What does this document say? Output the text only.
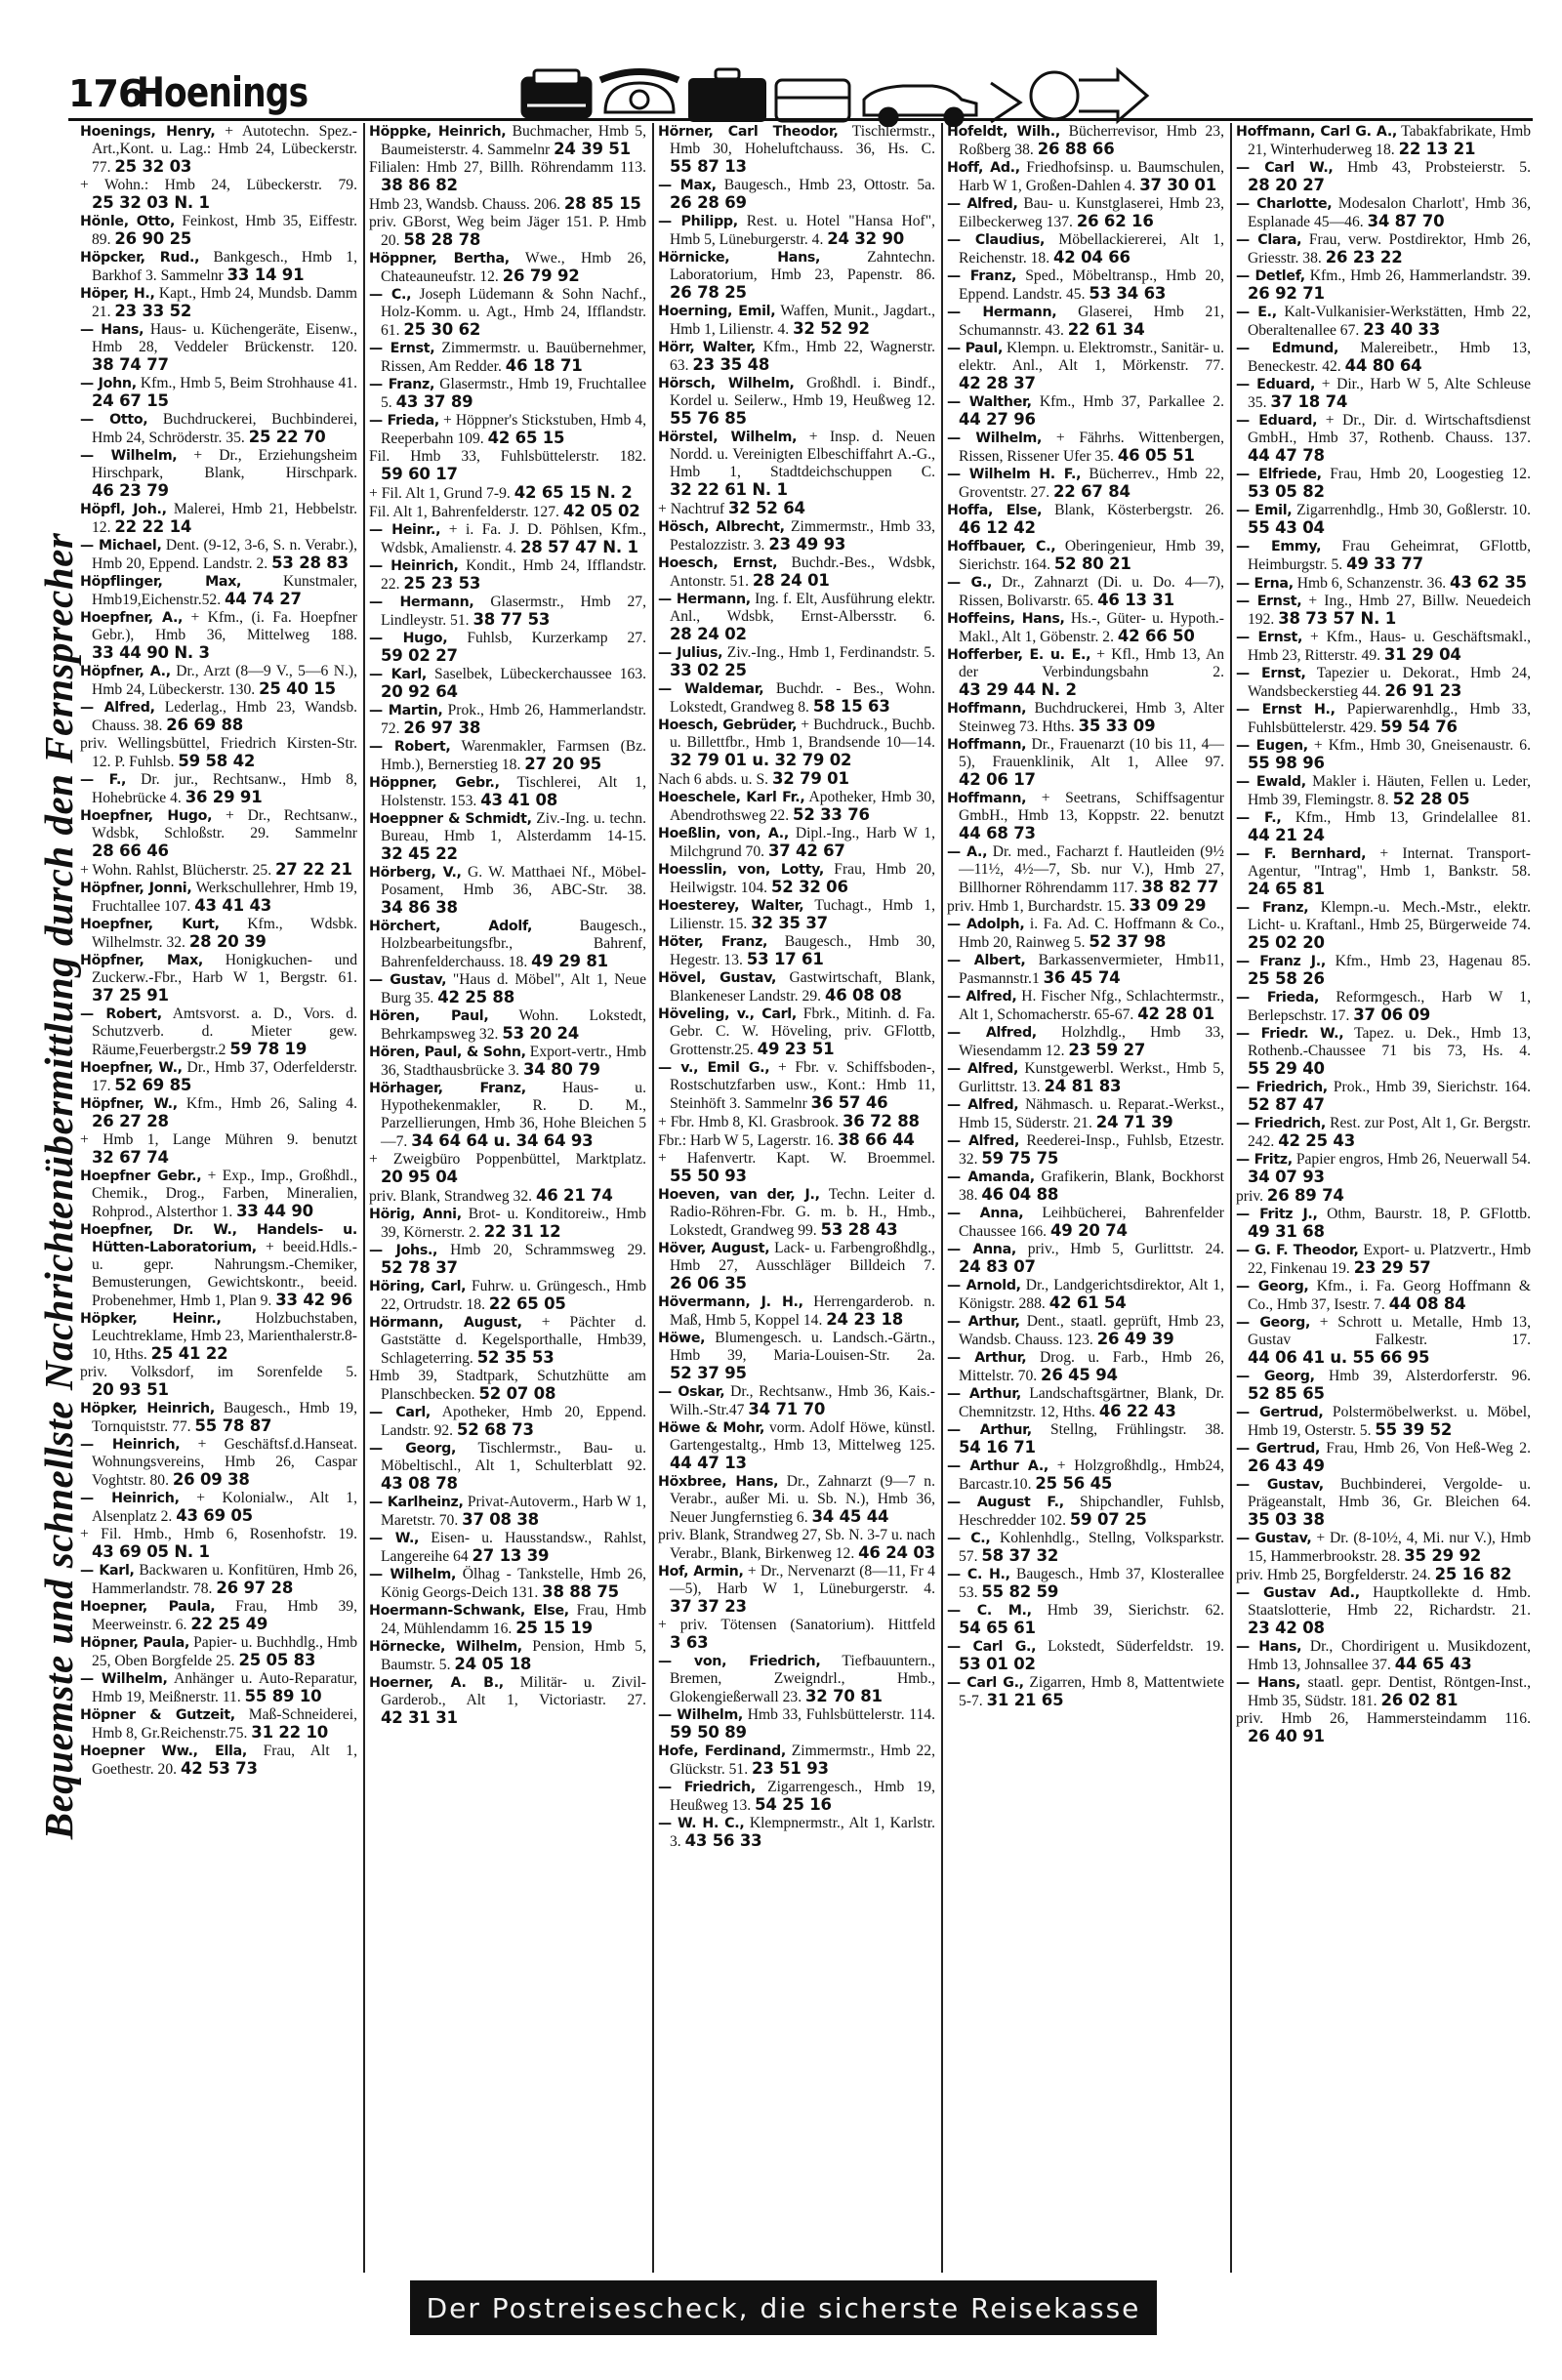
176
Hoenings
Bequemste und schnellste Nachrichtenübermittlung durch den Fernsprecher

Hoenings, Henry, + Autotechn. Spez.-Art.,Kont. u. Lag.: Hmb 24, Lübeckerstr. 77. 25 32 03

+ Wohn.: Hmb 24, Lübeckerstr. 79. 25 32 03 N. 1

Hönle, Otto, Feinkost, Hmb 35, Eiffestr. 89. 26 90 25

Höpcker, Rud., Bankgesch., Hmb 1, Barkhof 3. Sammelnr 33 14 91

Höper, H., Kapt., Hmb 24, Mundsb. Damm 21. 23 33 52

— Hans, Haus- u. Küchengeräte, Eisenw., Hmb 28, Veddeler Brückenstr. 120. 38 74 77

— John, Kfm., Hmb 5, Beim Strohhause 41. 24 67 15

— Otto, Buchdruckerei, Buchbinderei, Hmb 24, Schröderstr. 35. 25 22 70

— Wilhelm, + Dr., Erziehungsheim Hirschpark, Blank, Hirschpark. 46 23 79

Höpfl, Joh., Malerei, Hmb 21, Hebbelstr. 12. 22 22 14

— Michael, Dent. (9-12, 3-6, S. n. Verabr.), Hmb 20, Eppend. Landstr. 2. 53 28 83

Höpflinger, Max,	Kunstmaler, Hmb19,Eichenstr.52. 44 74 27

Hoepfner, A., + Kfm., (i. Fa. Hoepfner Gebr.), Hmb 36, Mittelweg 188. 33 44 90 N. 3

Höpfner, A., Dr., Arzt (8—9 V., 5—6 N.), Hmb 24, Lübeckerstr. 130. 25 40 15

— Alfred, Lederlag., Hmb 23, Wandsb. Chauss. 38. 26 69 88

priv. Wellingsbüttel, Friedrich Kirsten-Str. 12. P. Fuhlsb. 59 58 42

— F., Dr. jur., Rechtsanw., Hmb 8, Hohebrücke 4. 36 29 91

Hoepfner, Hugo, + Dr., Rechtsanw., Wdsbk, Schloßstr. 29. Sammelnr 28 66 46

+ Wohn. Rahlst, Blücherstr. 25. 27 22 21

Höpfner, Jonni, Werkschullehrer, Hmb 19, Fruchtallee 107. 43 41 43

Hoepfner, Kurt, Kfm., Wdsbk. Wilhelmstr. 32. 28 20 39

Höpfner, Max, Honigkuchen- und Zuckerw.-Fbr., Harb W 1, Bergstr. 61. 37 25 91

— Robert, Amtsvorst. a. D., Vors. d. Schutzverb. d. Mieter gew. Räume,Feuerbergstr.2 59 78 19

Hoepfner, W., Dr., Hmb 37, Oderfelderstr. 17. 52 69 85

Höpfner, W., Kfm., Hmb 26, Saling 4. 26 27 28

+ Hmb 1, Lange Mühren 9. benutzt 32 67 74

Hoepfner Gebr., + Exp., Imp., Großhdl., Chemik., Drog., Farben, Mineralien, Rohprod., Alsterthor 1. 33 44 90

Hoepfner, Dr. W., Handels- u. Hütten-Laboratorium, + beeid.Hdls.-u. gepr. Nahrungsm.-Chemiker, Bemusterungen, Gewichtskontr., beeid. Probenehmer, Hmb 1, Plan 9. 33 42 96

Höpker, Heinr., Holzbuchstaben, Leuchtreklame, Hmb 23, Marienthalerstr.8-10, Hths. 25 41 22

priv. Volksdorf, im Sorenfelde 5. 20 93 51

Höpker, Heinrich, Baugesch., Hmb 19, Tornquiststr. 77. 55 78 87

— Heinrich, + Geschäftsf.d.Hanseat. Wohnungsvereins, Hmb 26, Caspar Voghtstr. 80. 26 09 38

— Heinrich, + Kolonialw., Alt 1, Alsenplatz 2. 43 69 05

+ Fil. Hmb., Hmb 6, Rosenhofstr. 19. 43 69 05 N. 1

— Karl, Backwaren u. Konfitüren, Hmb 26, Hammerlandstr. 78. 26 97 28

Hoepner, Paula, Frau, Hmb 39, Meerweinstr. 6. 22 25 49

Höpner, Paula, Papier- u. Buchhdlg., Hmb 25, Oben Borgfelde 25. 25 05 83

— Wilhelm, Anhänger u. Auto-Reparatur, Hmb 19, Meißnerstr. 11. 55 89 10

Höpner & Gutzeit, Maß-Schneiderei, Hmb 8, Gr.Reichenstr.75. 31 22 10

Hoepner Ww., Ella, Frau, Alt 1, Goethestr. 20. 42 53 73

Höppke, Heinrich, Buchmacher, Hmb 5, Baumeisterstr. 4. Sammelnr 24 39 51

Filialen: Hmb 27, Billh. Röhrendamm 113. 38 86 82

Hmb 23, Wandsb. Chauss. 206. 28 85 15

priv. GBorst, Weg beim Jäger 151. P. Hmb 20. 58 28 78

Höppner, Bertha, Wwe., Hmb 26, Chateauneufstr. 12. 26 79 92

— C., Joseph Lüdemann & Sohn Nachf., Holz-Komm. u. Agt., Hmb 24, Ifflandstr. 61. 25 30 62

— Ernst, Zimmermstr. u. Bauübernehmer, Rissen, Am Redder. 46 18 71

— Franz, Glasermstr., Hmb 19, Fruchtallee 5. 43 37 89

— Frieda, + Höppner's Stickstuben, Hmb 4, Reeperbahn 109. 42 65 15

Fil. Hmb 33, Fuhlsbüttelerstr. 182. 59 60 17

+ Fil. Alt 1, Grund 7-9. 42 65 15 N. 2

Fil. Alt 1, Bahrenfelderstr. 127. 42 05 02

— Heinr., + i. Fa. J. D. Pöhlsen, Kfm., Wdsbk, Amalienstr. 4. 28 57 47 N. 1

— Heinrich, Kondit., Hmb 24, Ifflandstr. 22. 25 23 53

— Hermann, Glasermstr., Hmb 27, Lindleystr. 51. 38 77 53

— Hugo, Fuhlsb, Kurzerkamp 27. 59 02 27

— Karl, Saselbek, Lübeckerchaussee 163. 20 92 64

— Martin, Prok., Hmb 26, Hammerlandstr. 72. 26 97 38

— Robert, Warenmakler, Farmsen (Bz. Hmb.), Bernerstieg 18. 27 20 95

Höppner, Gebr., Tischlerei, Alt 1, Holstenstr. 153. 43 41 08

Hoeppner & Schmidt, Ziv.-Ing. u. techn. Bureau, Hmb 1, Alsterdamm 14-15. 32 45 22

Hörberg, V., G. W. Matthaei Nf., Möbel-Posament, Hmb 36, ABC-Str. 38. 34 86 38

Hörchert, Adolf,	Baugesch., Holzbearbeitungsfbr., Bahrenf, Bahrenfelderchauss. 18. 49 29 81

— Gustav, "Haus d. Möbel", Alt 1, Neue Burg 35. 42 25 88

Hören, Paul, Wohn. Lokstedt, Behrkampsweg 32. 53 20 24

Hören, Paul, & Sohn, Export-vertr., Hmb 36, Stadthausbrücke 3. 34 80 79

Hörhager, Franz, Haus- u. Hypothekenmakler, R. D. M., Parzellierungen, Hmb 36, Hohe Bleichen 5—7. 34 64 64 u. 34 64 93

+ Zweigbüro Poppenbüttel, Marktplatz. 20 95 04

priv. Blank, Strandweg 32. 46 21 74

Hörig, Anni, Brot- u. Konditoreiw., Hmb 39, Körnerstr. 2. 22 31 12

— Johs., Hmb 20, Schrammsweg 29. 52 78 37

Höring, Carl, Fuhrw. u. Grüngesch., Hmb 22, Ortrudstr. 18. 22 65 05

Hörmann, August, + Pächter d. Gaststätte d. Kegelsporthalle, Hmb39, Schlageterring. 52 35 53

Hmb 39, Stadtpark, Schutzhütte am Planschbecken. 52 07 08

— Carl, Apotheker, Hmb 20, Eppend. Landstr. 92. 52 68 73

— Georg, Tischlermstr., Bau- u. Möbeltischl., Alt 1, Schulterblatt 92. 43 08 78

— Karlheinz, Privat-Autoverm., Harb W 1, Maretstr. 70. 37 08 38

— W., Eisen- u. Hausstandsw., Rahlst, Langereihe 64 27 13 39

— Wilhelm, Ölhag - Tankstelle, Hmb 26, König Georgs-Deich 131. 38 88 75

Hoermann-Schwank, Else, Frau, Hmb 24, Mühlendamm 16. 25 15 19

Hörnecke, Wilhelm, Pension, Hmb 5, Baumstr. 5. 24 05 18

Hoerner, A. B., Militär- u. Zivil-Garderob., Alt 1, Victoriastr. 27. 42 31 31

Hörner, Carl Theodor, Tischlermstr., Hmb 30, Hoheluftchauss. 36, Hs. C. 55 87 13

— Max, Baugesch., Hmb 23, Ottostr. 5a. 26 28 69

— Philipp, Rest. u. Hotel "Hansa Hof", Hmb 5, Lüneburgerstr. 4. 24 32 90

Hörnicke, Hans,	Zahntechn. Laboratorium, Hmb 23, Papenstr. 86. 26 78 25

Hoerning, Emil, Waffen, Munit., Jagdart., Hmb 1, Lilienstr. 4. 32 52 92

Hörr, Walter, Kfm., Hmb 22, Wagnerstr. 63. 23 35 48

Hörsch, Wilhelm, Großhdl. i. Bindf., Kordel u. Seilerw., Hmb 19, Heußweg 12. 55 76 85

Hörstel, Wilhelm, + Insp. d. Neuen Nordd. u. Vereinigten Elbeschiffahrt A.-G., Hmb 1, Stadtdeichschuppen C. 32 22 61 N. 1

+ Nachtruf 32 52 64

Hösch, Albrecht, Zimmermstr., Hmb 33, Pestalozzistr. 3. 23 49 93

Hoesch, Ernst, Buchdr.-Bes., Wdsbk, Antonstr. 51. 28 24 01

— Hermann, Ing. f. Elt, Ausführung elektr. Anl., Wdsbk, Ernst-Albersstr. 6. 28 24 02

— Julius, Ziv.-Ing., Hmb 1, Ferdinandstr. 5. 33 02 25

— Waldemar, Buchdr. - Bes., Wohn. Lokstedt, Grandweg 8. 58 15 63

Hoesch, Gebrüder, + Buchdruck., Buchb. u. Billettfbr., Hmb 1, Brandsende 10—14. 32 79 01 u. 32 79 02

Nach 6 abds. u. S. 32 79 01

Hoeschele, Karl Fr., Apotheker, Hmb 30, Abendrothsweg 22. 52 33 76

Hoeßlin, von, A., Dipl.-Ing., Harb W 1, Milchgrund 70. 37 42 67

Hoesslin, von, Lotty, Frau, Hmb 20, Heilwigstr. 104. 52 32 06

Hoesterey, Walter, Tuchagt., Hmb 1, Lilienstr. 15. 32 35 37

Höter, Franz, Baugesch., Hmb 30, Hegestr. 13. 53 17 61

Hövel, Gustav, Gastwirtschaft, Blank, Blankeneser Landstr. 29. 46 08 08

Höveling, v., Carl, Fbrk., Mitinh. d. Fa. Gebr. C. W. Höveling, priv. GFlottb, Grottenstr.25. 49 23 51

— v., Emil G., + Fbr. v. Schiffsboden-, Rostschutzfarben usw., Kont.: Hmb 11, Steinhöft 3. Sammelnr 36 57 46

+ Fbr. Hmb 8, Kl. Grasbrook. 36 72 88

Fbr.: Harb W 5, Lagerstr. 16. 38 66 44

+ Hafenvertr. Kapt. W. Broemmel. 55 50 93

Hoeven, van der, J., Techn. Leiter d. Radio-Röhren-Fbr. G. m. b. H., Hmb., Lokstedt, Grandweg 99. 53 28 43

Höver, August, Lack- u. Farbengroßhdlg., Hmb 27, Ausschläger Billdeich 7. 26 06 35

Hövermann, J. H., Herrengarderob. n. Maß, Hmb 5, Koppel 14. 24 23 18

Höwe, Blumengesch. u. Landsch.-Gärtn., Hmb 39, Maria-Louisen-Str. 2a. 52 37 95

— Oskar, Dr., Rechtsanw., Hmb 36, Kais.-Wilh.-Str.47 34 71 70

Höwe & Mohr, vorm. Adolf Höwe, künstl. Gartengestaltg., Hmb 13, Mittelweg 125. 44 47 13

Höxbree, Hans, Dr., Zahnarzt (9—7 n. Verabr., außer Mi. u. Sb. N.), Hmb 36, Neuer Jungfernstieg 6. 34 45 44

priv. Blank, Strandweg 27, Sb. N. 3-7 u. nach Verabr., Blank, Birkenweg 12. 46 24 03

Hof, Armin, + Dr., Nervenarzt (8—11, Fr 4—5), Harb W 1, Lüneburgerstr. 4. 37 37 23

+ priv. Tötensen (Sanatorium). Hittfeld 3 63

— von, Friedrich, Tiefbauuntern., Bremen, Zweigndrl., Hmb., Glokengießerwall 23. 32 70 81

— Wilhelm, Hmb 33, Fuhlsbüttelerstr. 114. 59 50 89

Hofe, Ferdinand, Zimmermstr., Hmb 22, Glückstr. 51. 23 51 93

— Friedrich, Zigarrengesch., Hmb 19, Heußweg 13. 54 25 16

— W. H. C., Klempnermstr., Alt 1, Karlstr. 3. 43 56 33

Hofeldt, Wilh., Bücherrevisor, Hmb 23, Roßberg 38. 26 88 66

Hoff, Ad., Friedhofsinsp. u. Baumschulen, Harb W 1, Großen-Dahlen 4. 37 30 01

— Alfred, Bau- u. Kunstglaserei, Hmb 23, Eilbeckerweg 137. 26 62 16

— Claudius, Möbellackiererei, Alt 1, Reichenstr. 18. 42 04 66

— Franz, Sped., Möbeltransp., Hmb 20, Eppend. Landstr. 45. 53 34 63

— Hermann, Glaserei, Hmb 21, Schumannstr. 43. 22 61 34

— Paul, Klempn. u. Elektromstr., Sanitär- u. elektr. Anl., Alt 1, Mörkenstr. 77. 42 28 37

— Walther, Kfm., Hmb 37, Parkallee 2. 44 27 96

— Wilhelm, + Fährhs. Wittenbergen, Rissen, Rissener Ufer 35. 46 05 51

— Wilhelm H. F., Bücherrev., Hmb 22, Groventstr. 27. 22 67 84

Hoffa, Else, Blank, Kösterbergstr. 26. 46 12 42

Hoffbauer, C., Oberingenieur, Hmb 39, Sierichstr. 164. 52 80 21

— G., Dr., Zahnarzt (Di. u. Do. 4—7), Rissen, Bolivarstr. 65. 46 13 31

Hoffeins, Hans, Hs.-, Güter- u. Hypoth.-Makl., Alt 1, Göbenstr. 2. 42 66 50

Hofferber, E. u. E., + Kfl., Hmb 13, An der Verbindungsbahn 2. 43 29 44 N. 2

Hoffmann, Buchdruckerei, Hmb 3, Alter Steinweg 73. Hths. 35 33 09

Hoffmann, Dr., Frauenarzt (10 bis 11, 4—5), Frauenklinik, Alt 1, Allee 97. 42 06 17

Hoffmann, + Seetrans, Schiffsagentur GmbH., Hmb 13, Koppstr. 22. benutzt 44 68 73

— A., Dr. med., Facharzt f. Hautleiden (9½—11½, 4½—7, Sb. nur V.), Hmb 27, Billhorner Röhrendamm 117. 38 82 77

priv. Hmb 1, Burchardstr. 15. 33 09 29

— Adolph, i. Fa. Ad. C. Hoffmann & Co., Hmb 20, Rainweg 5. 52 37 98

— Albert, Barkassenvermieter, Hmb11, Pasmannstr.1 36 45 74

— Alfred, H. Fischer Nfg., Schlachtermstr., Alt 1, Schomacherstr. 65-67. 42 28 01

— Alfred, Holzhdlg., Hmb 33, Wiesendamm 12. 23 59 27

— Alfred, Kunstgewerbl. Werkst., Hmb 5, Gurlittstr. 13. 24 81 83

— Alfred, Nähmasch. u. Reparat.-Werkst., Hmb 15, Süderstr. 21. 24 71 39

— Alfred, Reederei-Insp., Fuhlsb, Etzestr. 32. 59 75 75

— Amanda, Grafikerin, Blank, Bockhorst 38. 46 04 88

— Anna, Leihbücherei, Bahrenfelder Chaussee 166. 49 20 74

— Anna, priv., Hmb 5, Gurlittstr. 24. 24 83 07

— Arnold, Dr., Landgerichtsdirektor, Alt 1, Königstr. 288. 42 61 54

— Arthur, Dent., staatl. geprüft, Hmb 23, Wandsb. Chauss. 123. 26 49 39

— Arthur, Drog. u. Farb., Hmb 26, Mittelstr. 70. 26 45 94

— Arthur, Landschaftsgärtner, Blank, Dr. Chemnitzstr. 12, Hths. 46 22 43

— Arthur, Stellng, Frühlingstr. 38. 54 16 71

— Arthur A., + Holzgroßhdlg., Hmb24, Barcastr.10. 25 56 45

— August F., Shipchandler, Fuhlsb, Heschredder 102. 59 07 25

— C., Kohlenhdlg., Stellng, Volksparkstr. 57. 58 37 32

— C. H., Baugesch., Hmb 37, Klosterallee 53. 55 82 59

— C. M., Hmb 39, Sierichstr. 62. 54 65 61

— Carl G., Lokstedt, Süderfeldstr. 19. 53 01 02

— Carl G., Zigarren, Hmb 8, Mattentwiete 5-7. 31 21 65

Hoffmann, Carl G. A., Tabakfabrikate, Hmb 21, Winterhuderweg 18. 22 13 21

— Carl W., Hmb 43, Probsteierstr. 5. 28 20 27

— Charlotte, Modesalon Charlott', Hmb 36, Esplanade 45—46. 34 87 70

— Clara, Frau, verw. Postdirektor, Hmb 26, Griesstr. 38. 26 23 22

— Detlef, Kfm., Hmb 26, Hammerlandstr. 39. 26 92 71

— E., Kalt-Vulkanisier-Werkstätten, Hmb 22, Oberaltenallee 67. 23 40 33

— Edmund, Malereibetr., Hmb 13, Beneckestr. 42. 44 80 64

— Eduard, + Dir., Harb W 5, Alte Schleuse 35. 37 18 74

— Eduard, + Dr., Dir. d. Wirtschaftsdienst GmbH., Hmb 37, Rothenb. Chauss. 137. 44 47 78

— Elfriede, Frau, Hmb 20, Loogestieg 12. 53 05 82

— Emil, Zigarrenhdlg., Hmb 30, Goßlerstr. 10. 55 43 04

— Emmy, Frau Geheimrat, GFlottb, Heimburgstr. 5. 49 33 77

— Erna, Hmb 6, Schanzenstr. 36. 43 62 35

— Ernst, + Ing., Hmb 27, Billw. Neuedeich 192. 38 73 57 N. 1

— Ernst, + Kfm., Haus- u. Geschäftsmakl., Hmb 23, Ritterstr. 49. 31 29 04

— Ernst, Tapezier u. Dekorat., Hmb 24, Wandsbeckerstieg 44. 26 91 23

— Ernst H., Papierwarenhdlg., Hmb 33, Fuhlsbüttelerstr. 429. 59 54 76

— Eugen, + Kfm., Hmb 30, Gneisenaustr. 6. 55 98 96

— Ewald, Makler i. Häuten, Fellen u. Leder, Hmb 39, Flemingstr. 8. 52 28 05

— F., Kfm., Hmb 13, Grindelallee 81. 44 21 24

— F. Bernhard, + Internat. Transport-Agentur, "Intrag", Hmb 1, Bankstr. 58. 24 65 81

— Franz, Klempn.-u. Mech.-Mstr., elektr. Licht- u. Kraftanl., Hmb 25, Bürgerweide 74. 25 02 20

— Franz J., Kfm., Hmb 23, Hagenau 85. 25 58 26

— Frieda, Reformgesch., Harb W 1, Berlepschstr. 17. 37 06 09

— Friedr. W., Tapez. u. Dek., Hmb 13, Rothenb.-Chaussee 71 bis 73, Hs. 4. 55 29 40

— Friedrich, Prok., Hmb 39, Sierichstr. 164. 52 87 47

— Friedrich, Rest. zur Post, Alt 1, Gr. Bergstr. 242. 42 25 43

— Fritz, Papier engros, Hmb 26, Neuerwall 54. 34 07 93

priv. 26 89 74

— Fritz J., Othm, Baurstr. 18, P. GFlottb. 49 31 68

— G. F. Theodor, Export- u. Platzvertr., Hmb 22, Finkenau 19. 23 29 57

— Georg, Kfm., i. Fa. Georg Hoffmann & Co., Hmb 37, Isestr. 7. 44 08 84

— Georg, + Schrott u. Metalle, Hmb 13, Gustav Falkestr. 17. 44 06 41 u. 55 66 95

— Georg, Hmb 39, Alsterdorferstr. 96. 52 85 65

— Gertrud, Polstermöbelwerkst. u. Möbel, Hmb 19, Osterstr. 5. 55 39 52

— Gertrud, Frau, Hmb 26, Von Heß-Weg 2. 26 43 49

— Gustav, Buchbinderei, Vergolde- u. Prägeanstalt, Hmb 36, Gr. Bleichen 64. 35 03 38

— Gustav, + Dr. (8-10½, 4, Mi. nur V.), Hmb 15, Hammerbrookstr. 28. 35 29 92

priv. Hmb 25, Borgfelderstr. 24. 25 16 82

— Gustav Ad., Hauptkollekte d. Hmb. Staatslotterie, Hmb 22, Richardstr. 21. 23 42 08

— Hans, Dr., Chordirigent u. Musikdozent, Hmb 13, Johnsallee 37. 44 65 43

— Hans, staatl. gepr. Dentist, Röntgen-Inst., Hmb 35, Südstr. 181. 26 02 81

priv. Hmb 26, Hammersteindamm 116. 26 40 91

Der Postreisescheck, die sicherste Reisekasse
